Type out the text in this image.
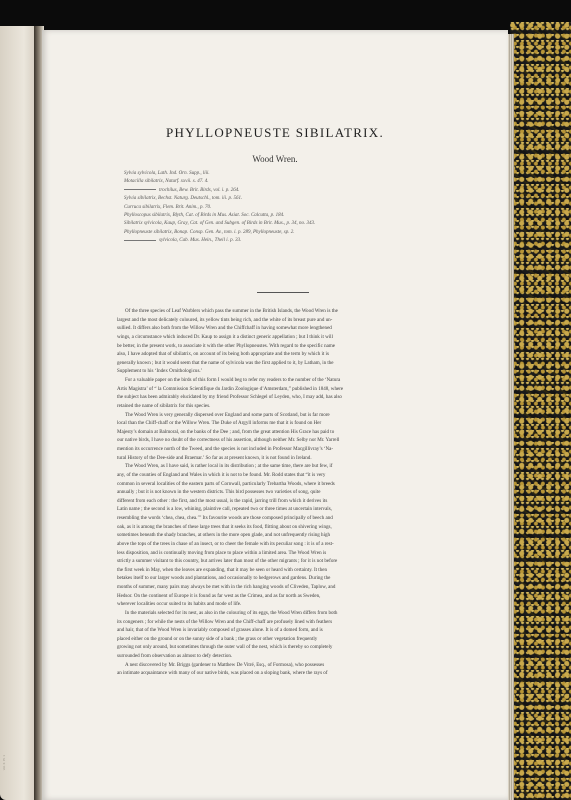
Vol. II. Pl. 1
PHYLLOPNEUSTE SIBILATRIX.
Wood Wren.
Sylvia sylvicola, Lath. Ind. Orn. Supp., liii.
Motacilla sibilatrix, Naturf. xxvii. s. 47. 4.
trochilus, Bew. Brit. Birds, vol. i. p. 264.
Sylvia sibilatrix, Bechst. Naturg. Deutschl., tom. iii. p. 561.
Curruca sibilatrix, Flem. Brit. Anim., p. 70.
Phylloscopus sibilatrix, Blyth, Cat. of Birds in Mus. Asiat. Soc. Calcutta, p. 184.
Sibilatrix sylvicola, Kaup, Gray, Cat. of Gen. and Subgen. of Birds in Brit. Mus., p. 34, no. 343.
Phyllopneuste sibilatrix, Bonap. Consp. Gen. Av., tom. i. p. 289, Phyllopneuste, sp. 2.
sylvicola, Cab. Mus. Hein., Theil i. p. 33.

Of the three species of Leaf Warblers which pass the summer in the British Islands, the Wood Wren is the
largest and the most delicately coloured, its yellow tints being rich, and the white of its breast pure and un-
sullied. It differs also both from the Willow Wren and the Chiffchaff in having somewhat more lengthened
wings, a circumstance which induced Dr. Kaup to assign it a distinct generic appellation ; but I think it will
be better, in the present work, to associate it with the other Phyllopneustes. With regard to the specific name
also, I have adopted that of sibilatrix, on account of its being both appropriate and the term by which it is
generally known ; but it would seem that the name of sylvicola was the first applied to it, by Latham, in the
Supplement to his ‘Index Ornithologicus.’

For a valuable paper on the birds of this form I would beg to refer my readers to the number of the ‘Natura
Artis Magistra’ of “ la Commission Scientifique du Jardin Zoologique d’Amsterdam,” published in 1848, where
the subject has been admirably elucidated by my friend Professor Schlegel of Leyden, who, I may add, has also
retained the name of sibilatrix for this species.

The Wood Wren is very generally dispersed over England and some parts of Scotland, but is far more
local than the Chiff-chaff or the Willow Wren. The Duke of Argyll informs me that it is found on Her
Majesty’s domain at Balmoral, on the banks of the Dee ; and, from the great attention His Grace has paid to
our native birds, I have no doubt of the correctness of his assertion, although neither Mr. Selby nor Mr. Yarrell
mention its occurrence north of the Tweed, and the species is not included in Professor Macgillivray’s ‘Na-
tural History of the Dee-side and Braemar.’ So far as at present known, it is not found in Ireland.

The Wood Wren, as I have said, is rather local in its distribution ; at the same time, there are but few, if
any, of the counties of England and Wales in which it is not to be found. Mr. Rodd states that “it is very
common in several localities of the eastern parts of Cornwall, particularly Trebartha Woods, where it breeds
annually ; but it is not known in the western districts. This bird possesses two varieties of song, quite
different from each other : the first, and the most usual, is the rapid, jarring trill from which it derives its
Latin name ; the second is a low, whining, plaintive call, repeated two or three times at uncertain intervals,
resembling the words ‘chea, chea, chea.’” Its favourite woods are those composed principally of beech and
oak, as it is among the branches of these large trees that it seeks its food, flitting about on shivering wings,
sometimes beneath the shady branches, at others in the more open glade, and not unfrequently rising high
above the tops of the trees in chase of an insect, or to cheer the female with its peculiar song : it is of a rest-
less disposition, and is continually moving from place to place within a limited area. The Wood Wren is
strictly a summer visitant to this country, but arrives later than most of the other migrants ; for it is not before
the first week in May, when the leaves are expanding, that it may be seen or heard with certainty. It then
betakes itself to our larger woods and plantations, and occasionally to hedgerows and gardens. During the
months of summer, many pairs may always be met with in the rich hanging woods of Cliveden, Taplow, and
Hedsor. On the continent of Europe it is found as far west as the Crimea, and as far north as Sweden,
wherever localities occur suited to its habits and mode of life.

In the materials selected for its nest, as also in the colouring of its eggs, the Wood Wren differs from both
its congeners ; for while the nests of the Willow Wren and the Chiff-chaff are profusely lined with feathers
and hair, that of the Wood Wren is invariably composed of grasses alone. It is of a domed form, and is
placed either on the ground or on the sunny side of a bank ; the grass or other vegetation frequently
growing not only around, but sometimes through the outer wall of the nest, which is thereby so completely
surrounded from observation as almost to defy detection.

A nest discovered by Mr. Briggs (gardener to Matthew De Vitré, Esq., of Formosa), who possesses
an intimate acquaintance with many of our native birds, was placed on a sloping bank, where the rays of
